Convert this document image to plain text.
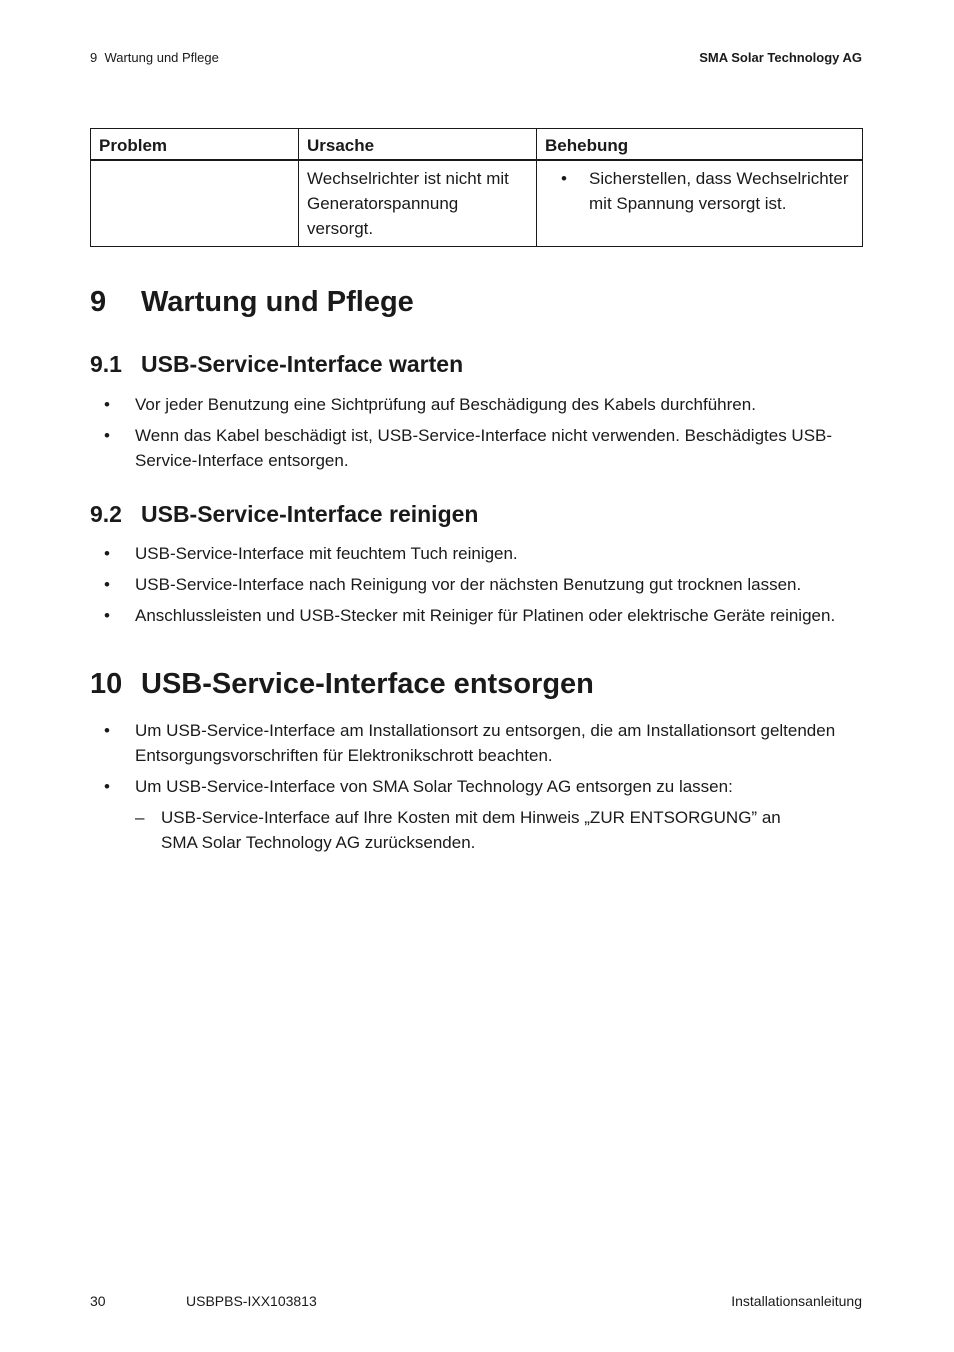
9  Wartung und Pflege	SMA Solar Technology AG
Problem	Ursache	Behebung
	Wechselrichter ist nicht mit Generatorspannung versorgt.	• Sicherstellen, dass Wechselrichter mit Spannung versorgt ist.
9 Wartung und Pflege
9.1 USB-Service-Interface warten
•	Vor jeder Benutzung eine Sichtprüfung auf Beschädigung des Kabels durchführen.
•	Wenn das Kabel beschädigt ist, USB-Service-Interface nicht verwenden. Beschädigtes USB-Service-Interface entsorgen.
9.2 USB-Service-Interface reinigen
•	USB-Service-Interface mit feuchtem Tuch reinigen.
•	USB-Service-Interface nach Reinigung vor der nächsten Benutzung gut trocknen lassen.
•	Anschlussleisten und USB-Stecker mit Reiniger für Platinen oder elektrische Geräte reinigen.
10 USB-Service-Interface entsorgen
•	Um USB-Service-Interface am Installationsort zu entsorgen, die am Installationsort geltenden Entsorgungsvorschriften für Elektronikschrott beachten.
•	Um USB-Service-Interface von SMA Solar Technology AG entsorgen zu lassen:
– USB-Service-Interface auf Ihre Kosten mit dem Hinweis „ZUR ENTSORGUNG” an SMA Solar Technology AG zurücksenden.
30	USBPBS-IXX103813	Installationsanleitung
